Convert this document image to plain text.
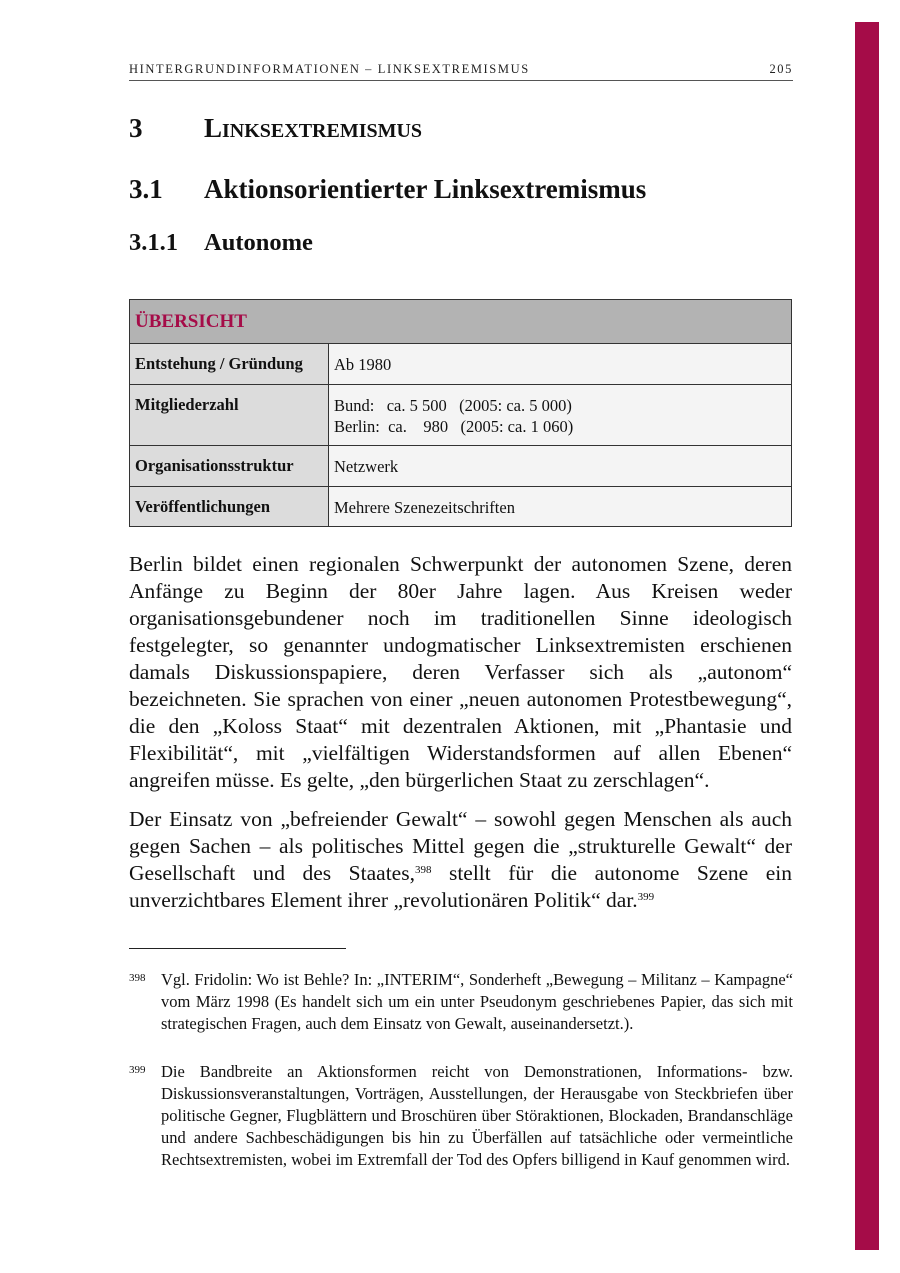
HINTERGRUNDINFORMATIONEN – LINKSEXTREMISMUS	205
3 LINKSEXTREMISMUS
3.1 Aktionsorientierter Linksextremismus
3.1.1 Autonome
ÜBERSICHT	
Entstehung / Gründung	Ab 1980

Mitgliederzahl	Bund:   ca. 5 500   (2005: ca. 5 000)
Berlin:  ca.    980   (2005: ca. 1 060)

Organisationsstruktur	Netzwerk

Veröffentlichungen	Mehrere Szenezeitschriften

Berlin bildet einen regionalen Schwerpunkt der autonomen Szene, deren Anfänge zu Beginn der 80er Jahre lagen. Aus Kreisen weder organisationsgebundener noch im traditionellen Sinne ideologisch festgelegter, so genannter undogmatischer Linksextremisten erschienen damals Diskussionspapiere, deren Verfasser sich als „autonom“ bezeichneten. Sie sprachen von einer „neuen autonomen Protestbewegung“, die den „Koloss Staat“ mit dezentralen Aktionen, mit „Phantasie und Flexibilität“, mit „vielfältigen Widerstandsformen auf allen Ebenen“ angreifen müsse. Es gelte, „den bürgerlichen Staat zu zerschlagen“.

Der Einsatz von „befreiender Gewalt“ – sowohl gegen Menschen als auch gegen Sachen – als politisches Mittel gegen die „strukturelle Gewalt“ der Gesellschaft und des Staates,$^{398}$ stellt für die autonome Szene ein unverzichtbares Element ihrer „revolutionären Politik“ dar.$^{399}$

398 Vgl. Fridolin: Wo ist Behle? In: „INTERIM“, Sonderheft „Bewegung – Militanz – Kampagne“ vom März 1998 (Es handelt sich um ein unter Pseudonym geschriebenes Papier, das sich mit strategischen Fragen, auch dem Einsatz von Gewalt, auseinandersetzt.).
399 Die Bandbreite an Aktionsformen reicht von Demonstrationen, Informations- bzw. Diskussionsveranstaltungen, Vorträgen, Ausstellungen, der Herausgabe von Steckbriefen über politische Gegner, Flugblättern und Broschüren über Störaktionen, Blockaden, Brandanschläge und andere Sachbeschädigungen bis hin zu Überfällen auf tatsächliche oder vermeintliche Rechtsextremisten, wobei im Extremfall der Tod des Opfers billigend in Kauf genommen wird.
